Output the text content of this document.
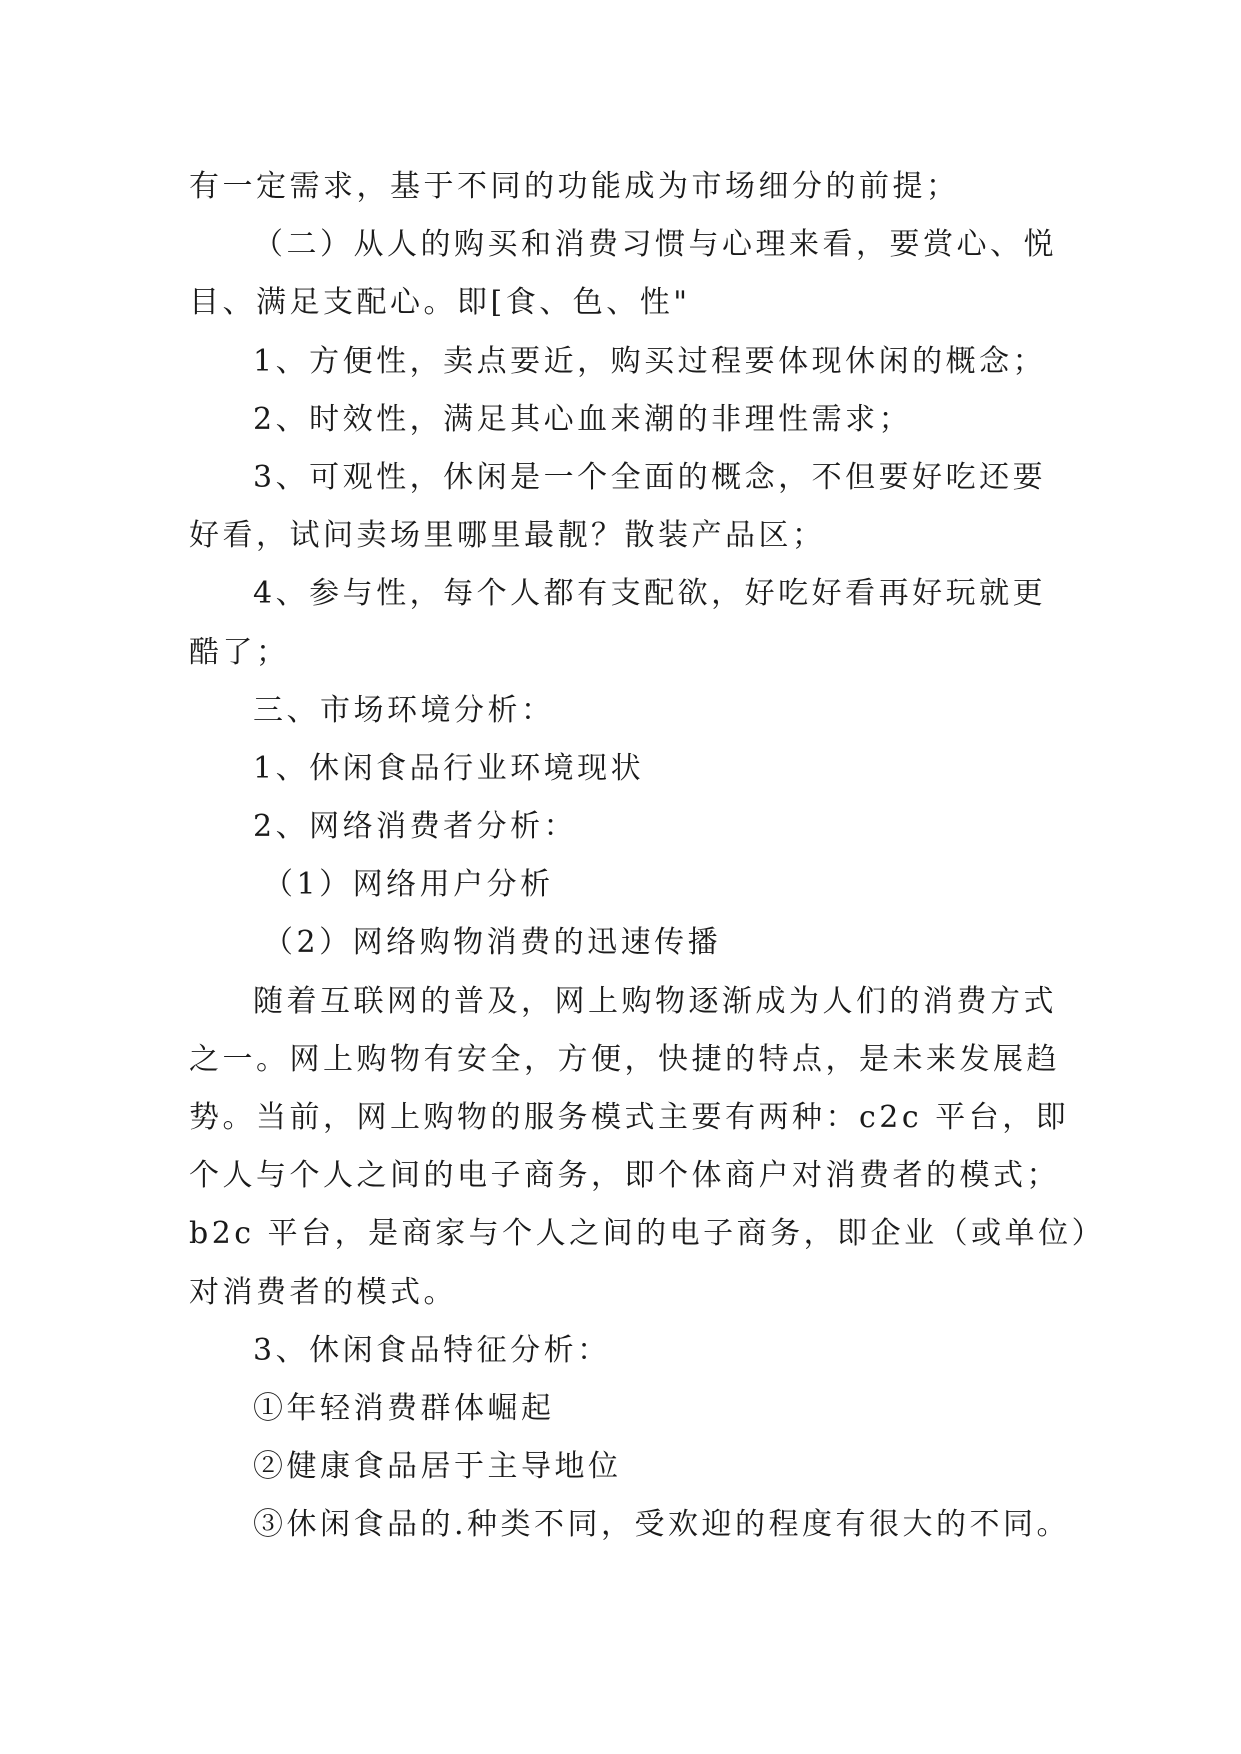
有一定需求，基于不同的功能成为市场细分的前提；
（二）从人的购买和消费习惯与心理来看，要赏心、悦
目、满足支配心。即[食、色、性"
1、方便性，卖点要近，购买过程要体现休闲的概念；
2、时效性，满足其心血来潮的非理性需求；
3、可观性，休闲是一个全面的概念，不但要好吃还要
好看，试问卖场里哪里最靓？散装产品区；
4、参与性，每个人都有支配欲，好吃好看再好玩就更
酷了；
三、市场环境分析：
1、休闲食品行业环境现状
2、网络消费者分析：
（1）网络用户分析
（2）网络购物消费的迅速传播
随着互联网的普及，网上购物逐渐成为人们的消费方式
之一。网上购物有安全，方便，快捷的特点，是未来发展趋
势。当前，网上购物的服务模式主要有两种：c2c 平台，即
个人与个人之间的电子商务，即个体商户对消费者的模式；
b2c 平台，是商家与个人之间的电子商务，即企业（或单位）
对消费者的模式。
3、休闲食品特征分析：
①年轻消费群体崛起
②健康食品居于主导地位
③休闲食品的.种类不同，受欢迎的程度有很大的不同。
